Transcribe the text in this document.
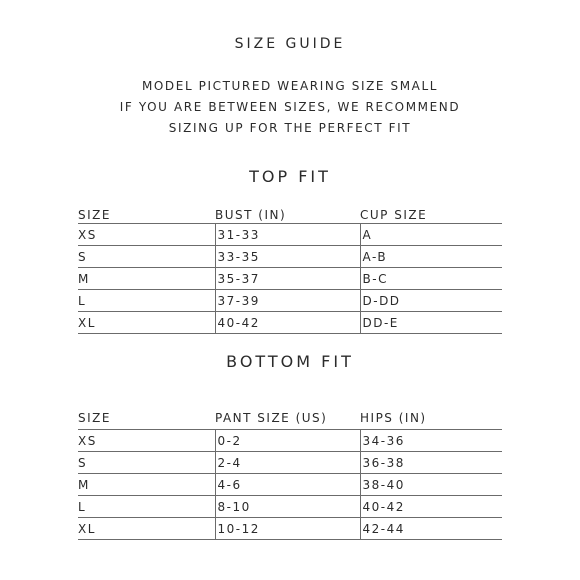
SIZE GUIDE
MODEL PICTURED WEARING SIZE SMALL
IF YOU ARE BETWEEN SIZES, WE RECOMMEND
SIZING UP FOR THE PERFECT FIT
TOP FIT
SIZE	BUST (IN)	CUP SIZE
XS	31-33	A
S	33-35	A-B
M	35-37	B-C
L	37-39	D-DD
XL	40-42	DD-E
BOTTOM FIT
SIZE	PANT SIZE (US)	HIPS (IN)
XS	0-2	34-36
S	2-4	36-38
M	4-6	38-40
L	8-10	40-42
XL	10-12	42-44
